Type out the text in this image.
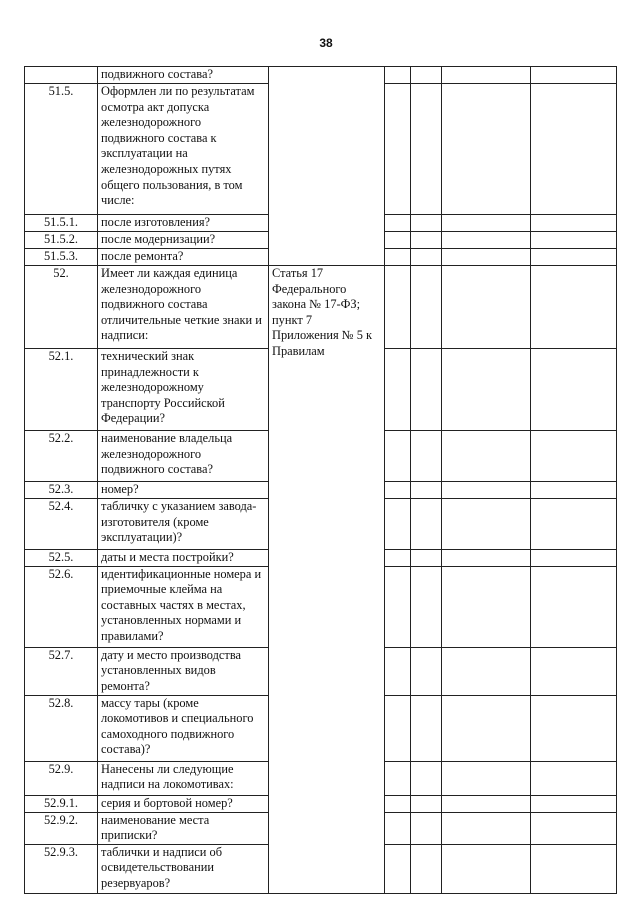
38
	подвижного состава?					
51.5.	Оформлен ли по результатам осмотра акт допуска железнодорожного подвижного состава к эксплуатации на железнодорожных путях общего пользования, в том числе:					
51.5.1.	после изготовления?					
51.5.2.	после модернизации?					
51.5.3.	после ремонта?					
52.	Имеет ли каждая единица железнодорожного подвижного состава отличительные четкие знаки и надписи:	Статья 17 Федерального закона № 17-ФЗ; пункт 7 Приложения № 5 к Правилам				
52.1.	технический знак принадлежности к железнодорожному транспорту Российской Федерации?					
52.2.	наименование владельца железнодорожного подвижного состава?					
52.3.	номер?					
52.4.	табличку с указанием завода-изготовителя (кроме эксплуатации)?					
52.5.	даты и места постройки?					
52.6.	идентификационные номера и приемочные клейма на составных частях в местах, установленных нормами и правилами?					
52.7.	дату и место производства установленных видов ремонта?					
52.8.	массу тары (кроме локомотивов и специального самоходного подвижного состава)?					
52.9.	Нанесены ли следующие надписи на локомотивах:					
52.9.1.	серия и бортовой номер?					
52.9.2.	наименование места приписки?					
52.9.3.	таблички и надписи об освидетельствовании резервуаров?					
